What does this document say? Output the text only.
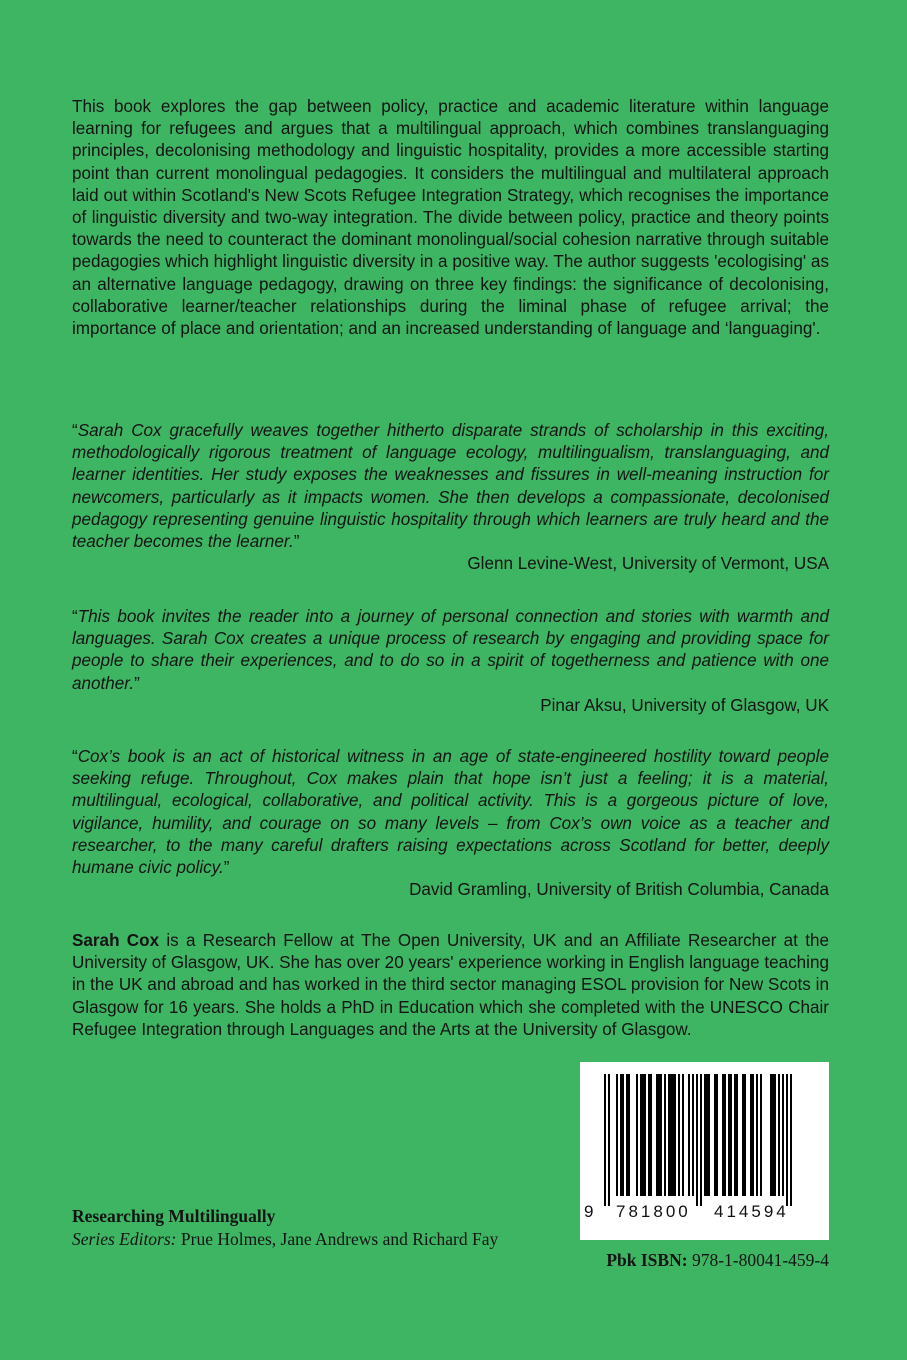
This book explores the gap between policy, practice and academic literature within language learning for refugees and argues that a multilingual approach, which combines translanguaging principles, decolonising methodology and linguistic hospitality, provides a more accessible starting point than current monolingual pedagogies. It considers the multilingual and multilateral approach laid out within Scotland's New Scots Refugee Integration Strategy, which recognises the importance of linguistic diversity and two-way integration. The divide between policy, practice and theory points towards the need to counteract the dominant monolingual/social cohesion narrative through suitable pedagogies which highlight linguistic diversity in a positive way. The author suggests 'ecologising' as an alternative language pedagogy, drawing on three key findings: the significance of decolonising, collaborative learner/teacher relationships during the liminal phase of refugee arrival; the importance of place and orientation; and an increased understanding of language and ‘languaging'.
“Sarah Cox gracefully weaves together hitherto disparate strands of scholarship in this exciting, methodologically rigorous treatment of language ecology, multilingualism, translanguaging, and learner identities. Her study exposes the weaknesses and fissures in well-meaning instruction for newcomers, particularly as it impacts women. She then develops a compassionate, decolonised pedagogy representing genuine linguistic hospitality through which learners are truly heard and the teacher becomes the learner.”
Glenn Levine-West, University of Vermont, USA
“This book invites the reader into a journey of personal connection and stories with warmth and languages. Sarah Cox creates a unique process of research by engaging and providing space for people to share their experiences, and to do so in a spirit of togetherness and patience with one another.”
Pinar Aksu, University of Glasgow, UK
“Cox’s book is an act of historical witness in an age of state-engineered hostility toward people seeking refuge. Throughout, Cox makes plain that hope isn’t just a feeling; it is a material, multilingual, ecological, collaborative, and political activity. This is a gorgeous picture of love, vigilance, humility, and courage on so many levels – from Cox’s own voice as a teacher and researcher, to the many careful drafters raising expectations across Scotland for better, deeply humane civic policy.”
David Gramling, University of British Columbia, Canada
Sarah Cox is a Research Fellow at The Open University, UK and an Affiliate Researcher at the University of Glasgow, UK. She has over 20 years' experience working in English language teaching in the UK and abroad and has worked in the third sector managing ESOL provision for New Scots in Glasgow for 16 years. She holds a PhD in Education which she completed with the UNESCO Chair Refugee Integration through Languages and the Arts at the University of Glasgow.
Researching Multilingually
Series Editors: Prue Holmes, Jane Andrews and Richard Fay
9 781800 414594
Pbk ISBN: 978-1-80041-459-4
